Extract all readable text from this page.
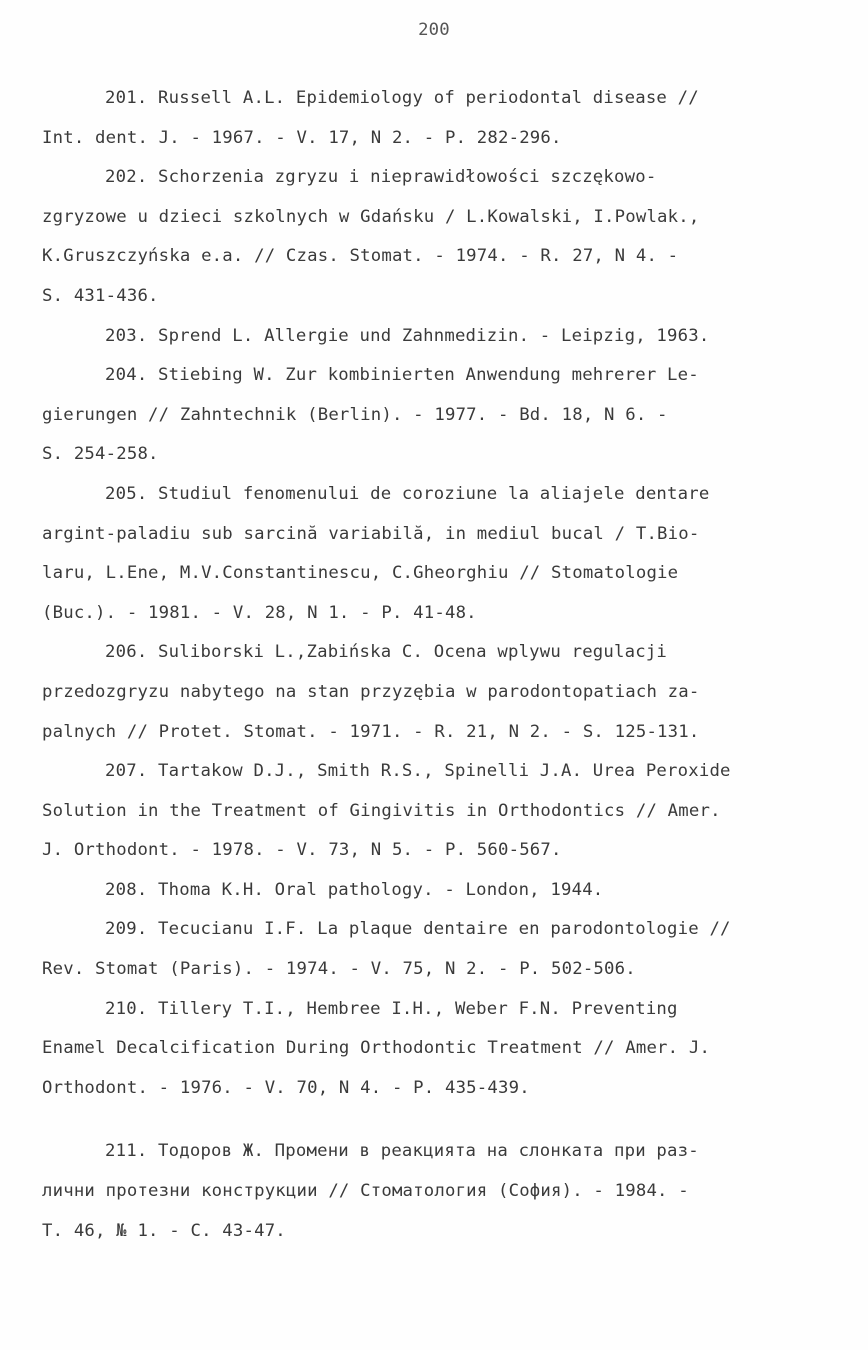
200
201. Russell A.L. Epidemiology of periodontal disease //
Int. dent. J. - 1967. - V. 17, N 2. - P. 282-296.
202. Schorzenia zgryzu i nieprawidłowości szczękowo-
zgryzowe u dzieci szkolnych w Gdańsku / L.Kowalski, I.Powlak.,
K.Gruszczyńska e.a. // Czas. Stomat. - 1974. - R. 27, N 4. -
S. 431-436.
203. Sprend L. Allergie und Zahnmedizin. - Leipzig, 1963.
204. Stiebing W. Zur kombinierten Anwendung mehrerer Le-
gierungen // Zahntechnik (Berlin). - 1977. - Bd. 18, N 6. -
S. 254-258.
205. Studiul fenomenului de coroziune la aliajele dentare
argint-paladiu sub sarcină variabilă, in mediul bucal / T.Bio-
laru, L.Ene, M.V.Constantinescu, C.Gheorghiu // Stomatologie
(Buc.). - 1981. - V. 28, N 1. - P. 41-48.
206. Suliborski L.,Zabińska C. Ocena wplywu regulacji
przedozgryzu nabytego na stan przyzębia w parodontopatiach za-
palnych // Protet. Stomat. - 1971. - R. 21, N 2. - S. 125-131.
207. Tartakow D.J., Smith R.S., Spinelli J.A. Urea Peroxide
Solution in the Treatment of Gingivitis in Orthodontics // Amer.
J. Orthodont. - 1978. - V. 73, N 5. - P. 560-567.
208. Thoma K.H. Oral pathology. - London, 1944.
209. Tecucianu I.F. La plaque dentaire en parodontologie //
Rev. Stomat (Paris). - 1974. - V. 75, N 2. - P. 502-506.
210. Tillery T.I., Hembree I.H., Weber F.N. Preventing
Enamel Decalcification During Orthodontic Treatment // Amer. J.
Orthodont. - 1976. - V. 70, N 4. - P. 435-439.
211. Тодоров Ж. Промени в реакцията на слонката при раз-
лични протезни конструкции // Стоматология (София). - 1984. -
Т. 46, № 1. - С. 43-47.
